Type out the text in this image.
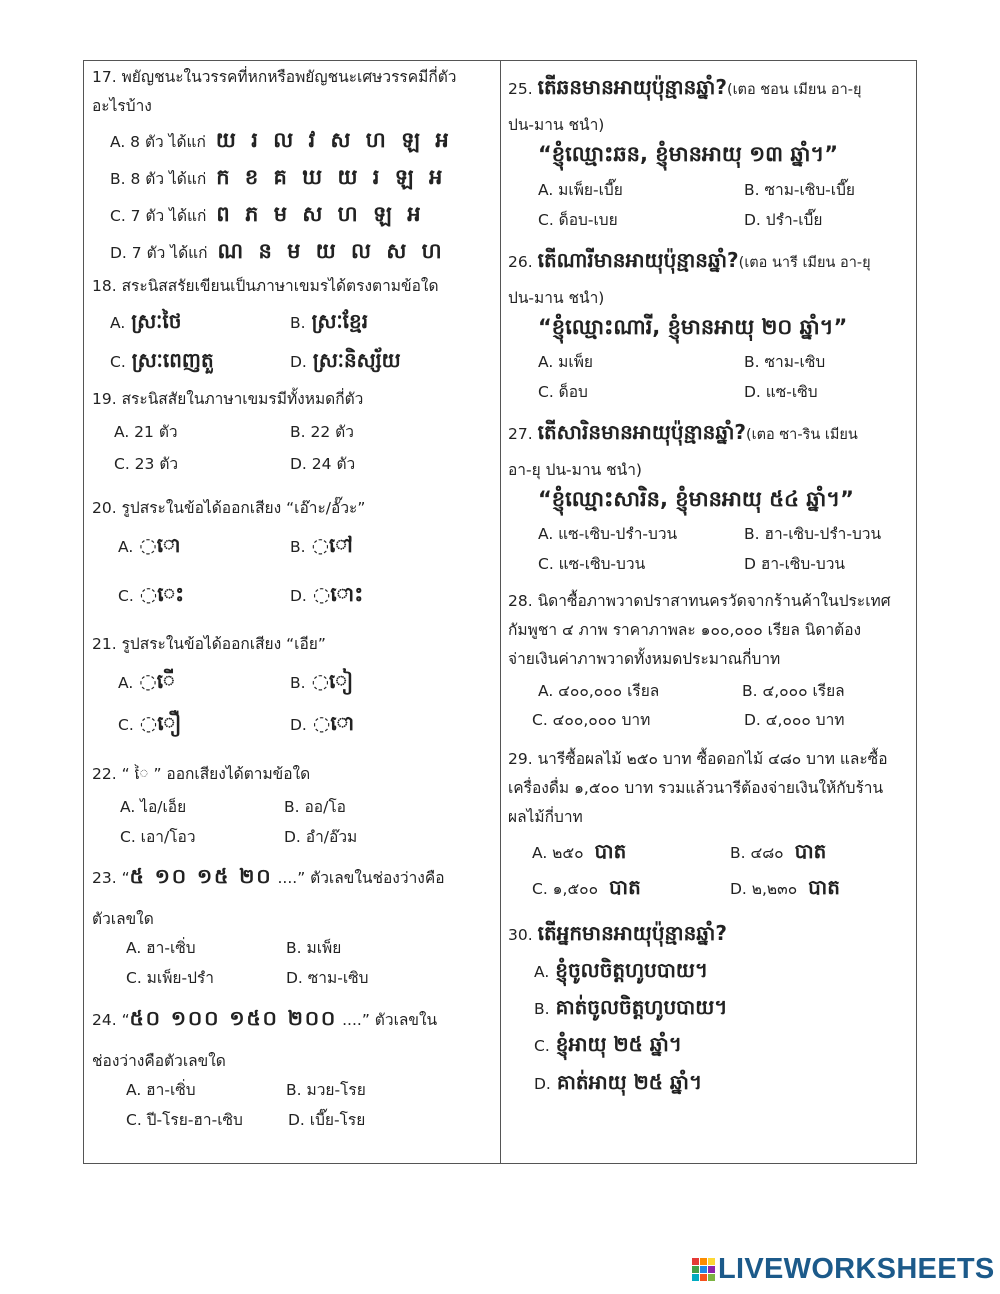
17. พยัญชนะในวรรคที่หกหรือพยัญชนะเศษวรรคมีกี่ตัว
อะไรบ้าง
A. 8 ตัว ได้แก่ យ រ ល វ ស ហ ឡ អ
B. 8 ตัว ได้แก่ ក ខ គ ឃ យ រ ឡ អ
C. 7 ตัว ได้แก่ ព ភ ម ស ហ ឡ អ
D. 7 ตัว ได้แก่ ណ ន ម យ ល ស ហ
18. สระนิสสรัยเขียนเป็นภาษาเขมรได้ตรงตามข้อใด
A. ស្រៈថៃ	B. ស្រៈខ្មែរ
C. ស្រៈពេញតួ	D. ស្រៈនិស្ស័យ
19. สระนิสสัยในภาษาเขมรมีทั้งหมดกี่ตัว
A. 21 ตัว	B. 22 ตัว
C. 23 ตัว	D. 24 ตัว
20. รูปสระในข้อได้ออกเสียง “เอ๊าะ/อั๊วะ”
A. ◌ោ	B. ◌ៅ
C. ◌េះ	D. ◌ោះ
21. รูปสระในข้อได้ออกเสียง “เอีย”
A. ◌ើ	B. ◌ៀ
C. ◌ឿ	D. ◌ោ
22. “ ◌ៃ ” ออกเสียงได้ตามข้อใด
A. ไอ/เอ็ย	B. ออ/โอ
C. เอา/โอว	D. อำ/อ๊วม
23. “៥ ១០ ១៥ ២០ ....” ตัวเลขในช่องว่างคือ
ตัวเลขใด
A. ฮา-เซิ่บ	B. มเพ็ย
C. มเพ็ย-ปรำ	D. ซาม-เซิบ
24. “៥០ ១០០ ១៥០ ២០០ ....” ตัวเลขใน
ช่องว่างคือตัวเลขใด
A. ฮา-เซิ่บ	B. มวย-โรย
C. ปี-โรย-ฮา-เซิบ	D. เบี๊ย-โรย
25. តើឆនមានអាយុប៉ុន្មានឆ្នាំ?(เตอ ชอน เมียน อา-ยุ
ปน-มาน ชนำ)
“ខ្ញុំឈ្មោះឆន, ខ្ញុំមានអាយុ ១៣ ឆ្នាំ។”
A. มเพ็ย-เบี๊ย	B. ซาม-เซิบ-เบี๊ย
C. ด็อบ-เบย	D. ปรำ-เบี๊ย
26. តើណារីមានអាយុប៉ុន្មានឆ្នាំ?(เตอ นารี เมียน อา-ยุ
ปน-มาน ชนำ)
“ខ្ញុំឈ្មោះណារី, ខ្ញុំមានអាយុ ២០ ឆ្នាំ។”
A. มเพ็ย	B. ซาม-เซิบ
C. ด็อบ	D. แซ-เซิบ
27. តើសារិនមានអាយុប៉ុន្មានឆ្នាំ?(เตอ ซา-ริน เมียน
อา-ยุ ปน-มาน ชนำ)
“ខ្ញុំឈ្មោះសារិន, ខ្ញុំមានអាយុ ៥៤ ឆ្នាំ។”
A. แซ-เซิบ-ปรำ-บวน	B. ฮา-เซิบ-ปรำ-บวน
C. แซ-เซิบ-บวน	D ฮา-เซิบ-บวน
28. นิดาซื้อภาพวาดปราสาทนครวัดจากร้านค้าในประเทศ
กัมพูชา ๔ ภาพ ราคาภาพละ ๑๐๐,๐๐๐ เรียล นิดาต้อง
จ่ายเงินค่าภาพวาดทั้งหมดประมาณกี่บาท
A. ๔๐๐,๐๐๐ เรียล	B. ๔,๐๐๐ เรียล
C. ๔๐๐,๐๐๐ บาท	D. ๔,๐๐๐ บาท
29. นารีซื้อผลไม้ ๒๕๐ บาท ซื้อดอกไม้ ๔๘๐ บาท และซื้อ
เครื่องดื่ม ๑,๕๐๐ บาท รวมแล้วนารีต้องจ่ายเงินให้กับร้าน
ผลไม้กี่บาท
A. ๒๕๐ បាត	B. ๔๘๐ បាត
C. ๑,๕๐๐ បាត	D. ๒,๒๓๐ បាត
30. តើអ្នកមានអាយុប៉ុន្មានឆ្នាំ?
A. ខ្ញុំចូលចិត្តហូបបាយ។
B. គាត់ចូលចិត្តហូបបាយ។
C. ខ្ញុំអាយុ ២៥ ឆ្នាំ។
D. គាត់អាយុ ២៥ ឆ្នាំ។
LIVEWORKSHEETS
